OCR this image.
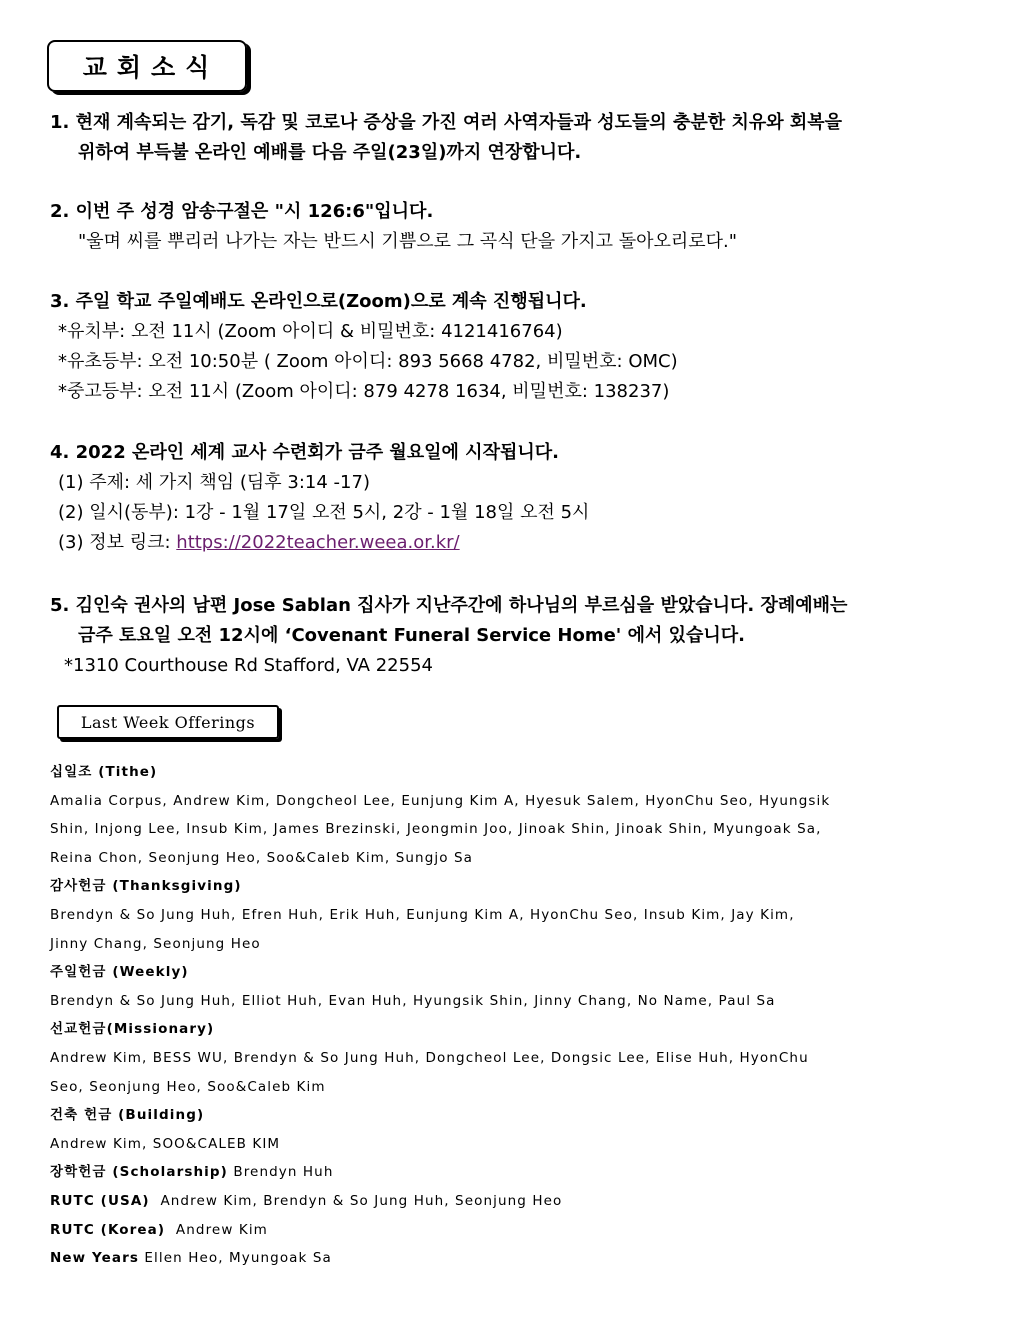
교회소식
1. 현재 계속되는 감기, 독감 및 코로나 증상을 가진 여러 사역자들과 성도들의 충분한 치유와 회복을
위하여 부득불 온라인 예배를 다음 주일(23일)까지 연장합니다.
2. 이번 주 성경 암송구절은 "시 126:6"입니다.
"울며 씨를 뿌리러 나가는 자는 반드시 기쁨으로 그 곡식 단을 가지고 돌아오리로다."
3. 주일 학교 주일예배도 온라인으로(Zoom)으로 계속 진행됩니다.
*유치부: 오전 11시 (Zoom 아이디 & 비밀번호: 4121416764)
*유초등부: 오전 10:50분 ( Zoom 아이디: 893 5668 4782, 비밀번호: OMC)
*중고등부: 오전 11시 (Zoom 아이디: 879 4278 1634, 비밀번호: 138237)
4. 2022 온라인 세계 교사 수련회가 금주 월요일에 시작됩니다.
(1) 주제: 세 가지 책임 (딤후 3:14 -17)
(2) 일시(동부): 1강 - 1월 17일 오전 5시, 2강 - 1월 18일 오전 5시
(3) 정보 링크: https://2022teacher.weea.or.kr/
5. 김인숙 권사의 남편 Jose Sablan 집사가 지난주간에 하나님의 부르심을 받았습니다. 장례예배는
금주 토요일 오전 12시에 ‘Covenant Funeral Service Home' 에서 있습니다.
*1310 Courthouse Rd Stafford, VA 22554
Last Week Offerings
십일조 (Tithe)
Amalia Corpus, Andrew Kim, Dongcheol Lee, Eunjung Kim A, Hyesuk Salem, HyonChu Seo, Hyungsik
Shin, Injong Lee, Insub Kim, James Brezinski, Jeongmin Joo, Jinoak Shin, Jinoak Shin, Myungoak Sa,
Reina Chon, Seonjung Heo, Soo&Caleb Kim, Sungjo Sa
감사헌금 (Thanksgiving)
Brendyn & So Jung Huh, Efren Huh, Erik Huh, Eunjung Kim A, HyonChu Seo, Insub Kim, Jay Kim,
Jinny Chang, Seonjung Heo
주일헌금 (Weekly)
Brendyn & So Jung Huh, Elliot Huh, Evan Huh, Hyungsik Shin, Jinny Chang, No Name, Paul Sa
선교헌금(Missionary)
Andrew Kim, BESS WU, Brendyn & So Jung Huh, Dongcheol Lee, Dongsic Lee, Elise Huh, HyonChu
Seo, Seonjung Heo, Soo&Caleb Kim
건축 헌금 (Building)
Andrew Kim, SOO&CALEB KIM
장학헌금 (Scholarship) Brendyn Huh
RUTC (USA)  Andrew Kim, Brendyn & So Jung Huh, Seonjung Heo
RUTC (Korea)  Andrew Kim
New Years Ellen Heo, Myungoak Sa
